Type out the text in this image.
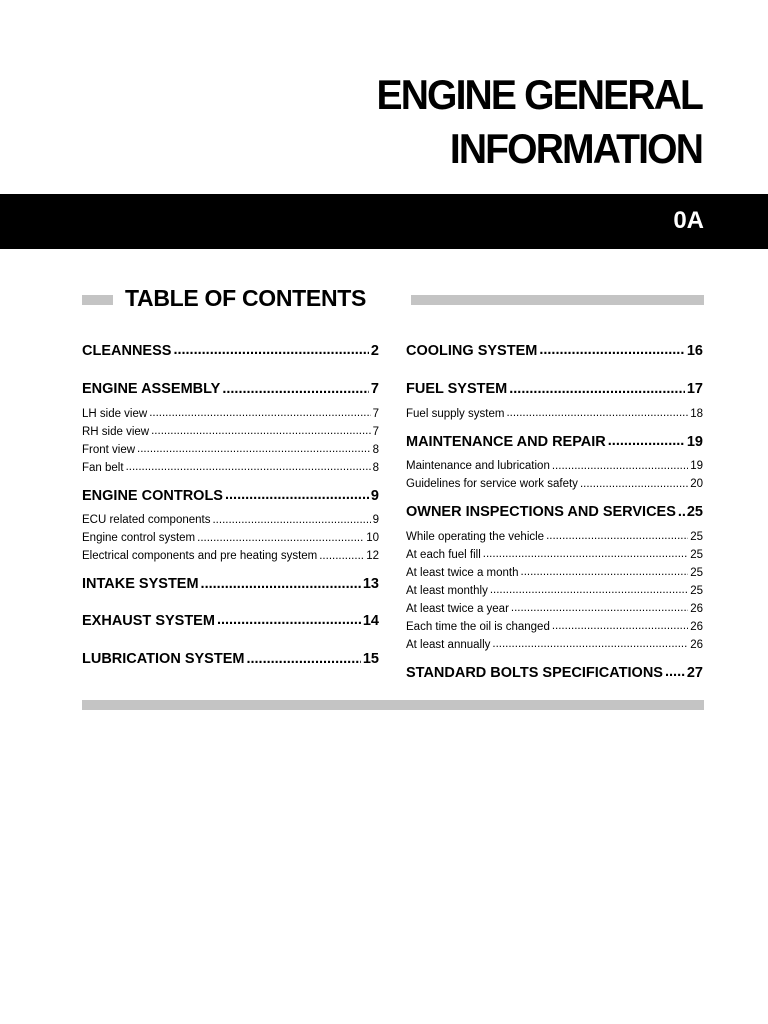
ENGINE GENERAL
INFORMATION
0A
TABLE OF CONTENTS
CLEANNESS .....	2
ENGINE ASSEMBLY .....	7
LH side view .....	7
RH side view .....	7
Front view .....	8
Fan belt .....	8
ENGINE CONTROLS .....	9
ECU related components .....	9
Engine control system .....	10
Electrical components and pre heating system .....	12
INTAKE SYSTEM .....	13
EXHAUST SYSTEM .....	14
LUBRICATION SYSTEM .....	15
COOLING SYSTEM .....	16
FUEL SYSTEM .....	17
Fuel supply system .....	18
MAINTENANCE AND REPAIR .....	19
Maintenance and lubrication .....	19
Guidelines for service work safety .....	20
OWNER INSPECTIONS AND SERVICES ..... 25
While operating the vehicle .....	25
At each fuel fill .....	25
At least twice a month .....	25
At least monthly .....	25
At least twice a year .....	26
Each time the oil is changed .....	26
At least annually .....	26
STANDARD BOLTS SPECIFICATIONS ..... 27
